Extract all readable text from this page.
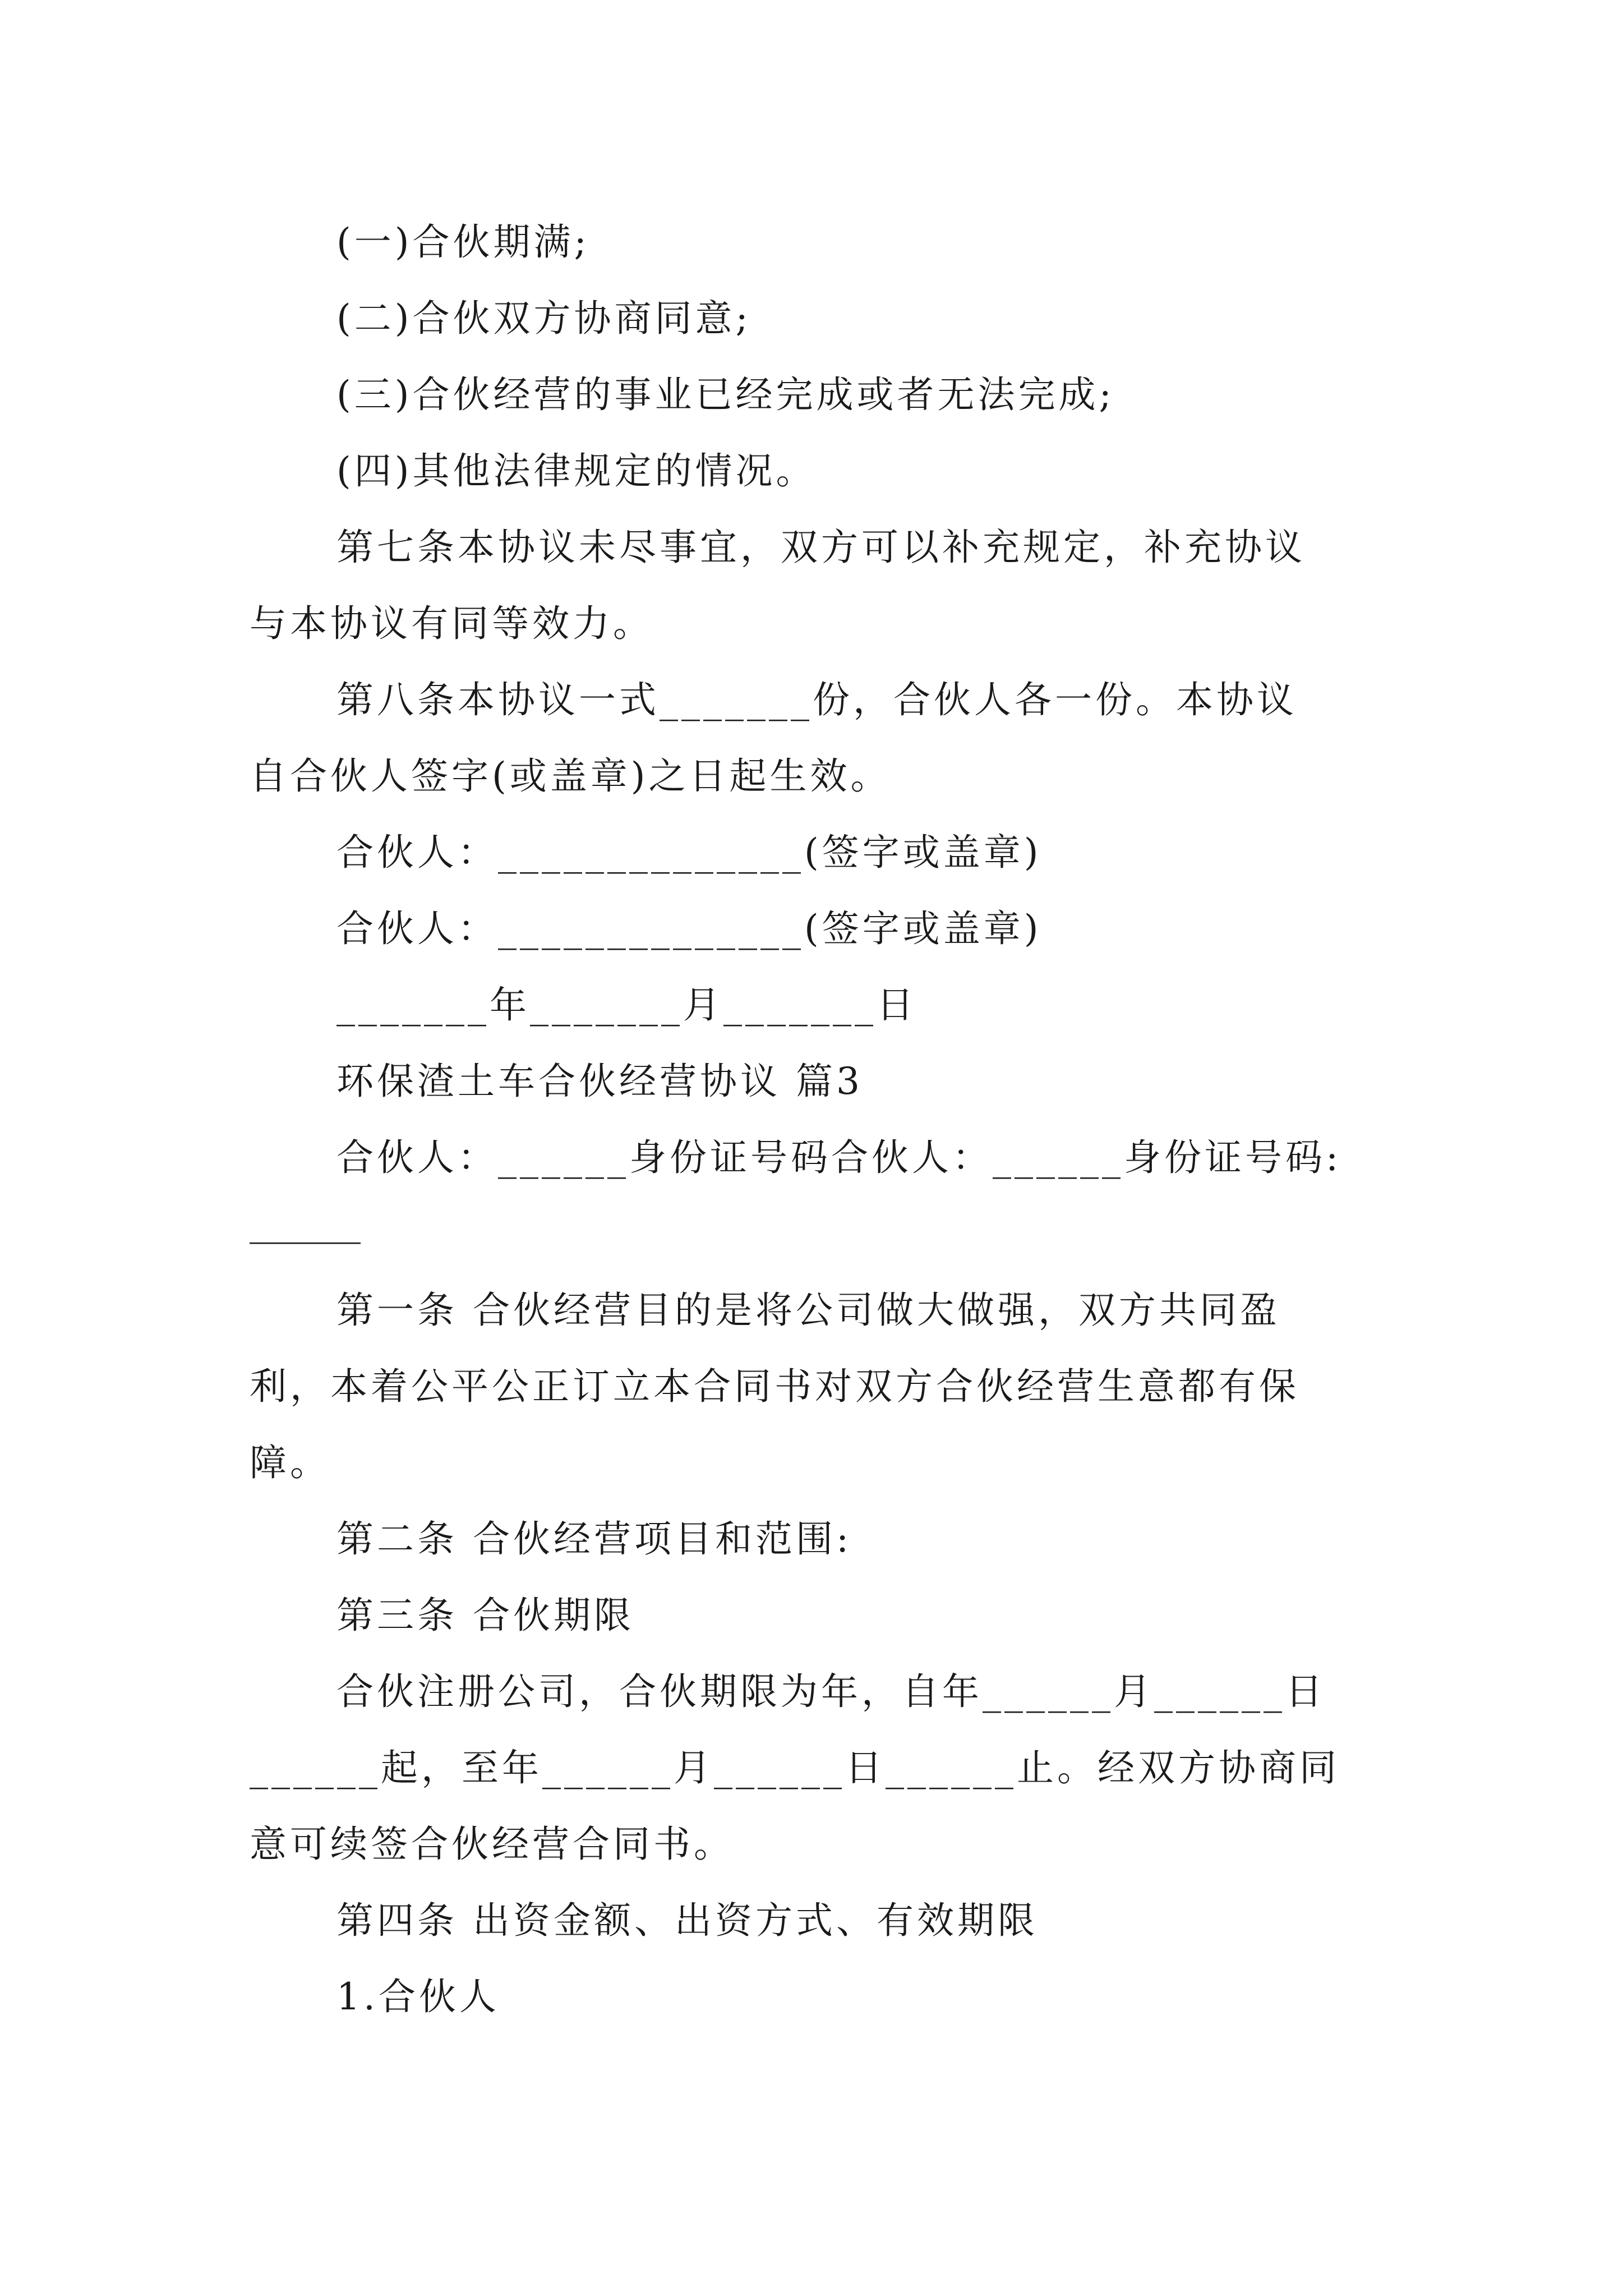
(一)合伙期满;
(二)合伙双方协商同意;
(三)合伙经营的事业已经完成或者无法完成;
(四)其他法律规定的情况。
第七条本协议未尽事宜，双方可以补充规定，补充协议
与本协议有同等效力。
第八条本协议一式_______份，合伙人各一份。本协议
自合伙人签字(或盖章)之日起生效。
合伙人：______________(签字或盖章)
合伙人：______________(签字或盖章)
_______年_______月_______日
环保渣土车合伙经营协议 篇3
合伙人：______身份证号码合伙人：______身份证号码:
______
第一条 合伙经营目的是将公司做大做强，双方共同盈
利，本着公平公正订立本合同书对双方合伙经营生意都有保
障。
第二条 合伙经营项目和范围:
第三条 合伙期限
合伙注册公司，合伙期限为年，自年______月______日
______起，至年______月______日______止。经双方协商同
意可续签合伙经营合同书。
第四条 出资金额、出资方式、有效期限
1.合伙人
